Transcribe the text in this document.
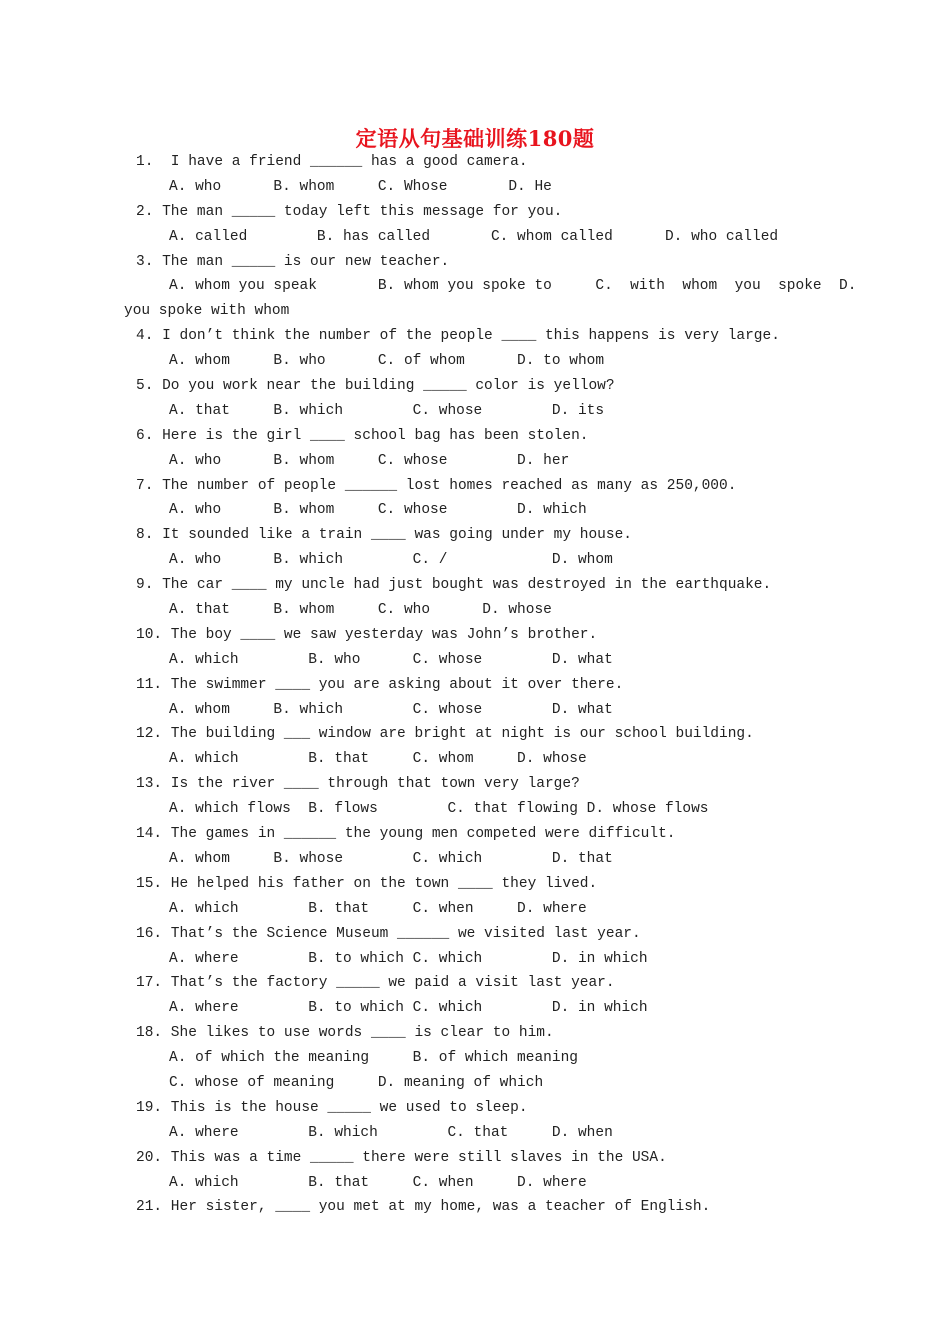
定语从句基础训练180题
1.  I have a friend ______ has a good camera.
A. who      B. whom     C. Whose       D. He
2. The man _____ today left this message for you.
A. called        B. has called       C. whom called      D. who called
3. The man _____ is our new teacher.
A. whom you speak       B. whom you spoke to     C.  with  whom  you  spoke  D.
you spoke with whom
4. I don’t think the number of the people ____ this happens is very large.
A. whom     B. who      C. of whom      D. to whom
5. Do you work near the building _____ color is yellow?
A. that     B. which        C. whose        D. its
6. Here is the girl ____ school bag has been stolen.
A. who      B. whom     C. whose        D. her
7. The number of people ______ lost homes reached as many as 250,000.
A. who      B. whom     C. whose        D. which
8. It sounded like a train ____ was going under my house.
A. who      B. which        C. /            D. whom
9. The car ____ my uncle had just bought was destroyed in the earthquake.
A. that     B. whom     C. who      D. whose
10. The boy ____ we saw yesterday was John’s brother.
A. which        B. who      C. whose        D. what
11. The swimmer ____ you are asking about it over there.
A. whom     B. which        C. whose        D. what
12. The building ___ window are bright at night is our school building.
A. which        B. that     C. whom     D. whose
13. Is the river ____ through that town very large?
A. which flows  B. flows        C. that flowing D. whose flows
14. The games in ______ the young men competed were difficult.
A. whom     B. whose        C. which        D. that
15. He helped his father on the town ____ they lived.
A. which        B. that     C. when     D. where
16. That’s the Science Museum ______ we visited last year.
A. where        B. to which C. which        D. in which
17. That’s the factory _____ we paid a visit last year.
A. where        B. to which C. which        D. in which
18. She likes to use words ____ is clear to him.
A. of which the meaning     B. of which meaning
C. whose of meaning     D. meaning of which
19. This is the house _____ we used to sleep.
A. where        B. which        C. that     D. when
20. This was a time _____ there were still slaves in the USA.
A. which        B. that     C. when     D. where
21. Her sister, ____ you met at my home, was a teacher of English.
